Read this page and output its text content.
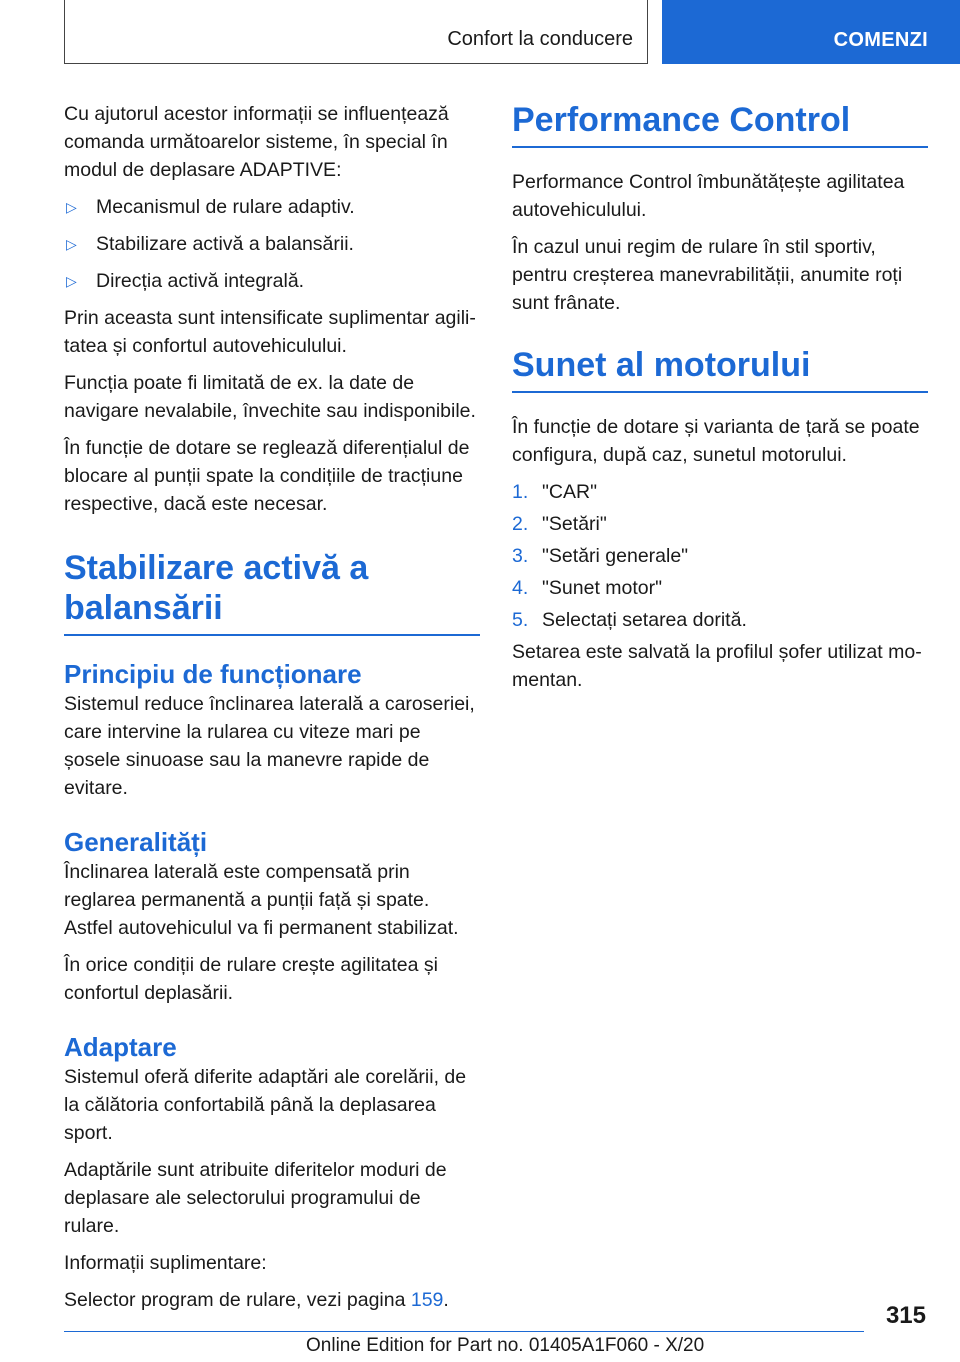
Confort la conducere	COMENZI

Cu ajutorul acestor informații se influențează comanda următoarelor sisteme, în special în modul de deplasare ADAPTIVE:

▷ Mecanismul de rulare adaptiv.
▷ Stabilizare activă a balansării.
▷ Direcția activă integrală.

Prin aceasta sunt intensificate suplimentar agilitatea și confortul autovehiculului.

Funcția poate fi limitată de ex. la date de navigare nevalabile, învechite sau indisponibile.

În funcție de dotare se reglează diferențialul de blocare al punții spate la condițiile de tracțiune respective, dacă este necesar.

Stabilizare activă a balansării
Principiu de funcționare

Sistemul reduce înclinarea laterală a caroseriei, care intervine la rularea cu viteze mari pe șosele sinuoase sau la manevre rapide de evitare.

Generalități

Înclinarea laterală este compensată prin reglarea permanentă a punții față și spate. Astfel autovehiculul va fi permanent stabilizat.

În orice condiții de rulare crește agilitatea și confortul deplasării.

Adaptare

Sistemul oferă diferite adaptări ale corelării, de la călătoria confortabilă până la deplasarea sport.

Adaptările sunt atribuite diferitelor moduri de deplasare ale selectorului programului de rulare.

Informații suplimentare:

Selector program de rulare, vezi pagina 159.

Performance Control

Performance Control îmbunătățește agilitatea autovehiculului.

În cazul unui regim de rulare în stil sportiv, pentru creșterea manevrabilității, anumite roți sunt frânate.

Sunet al motorului

În funcție de dotare și varianta de țară se poate configura, după caz, sunetul motorului.

1. "CAR"
2. "Setări"
3. "Setări generale"
4. "Sunet motor"
5. Selectați setarea dorită.

Setarea este salvată la profilul șofer utilizat momentan.

315
Online Edition for Part no. 01405A1F060 - X/20
